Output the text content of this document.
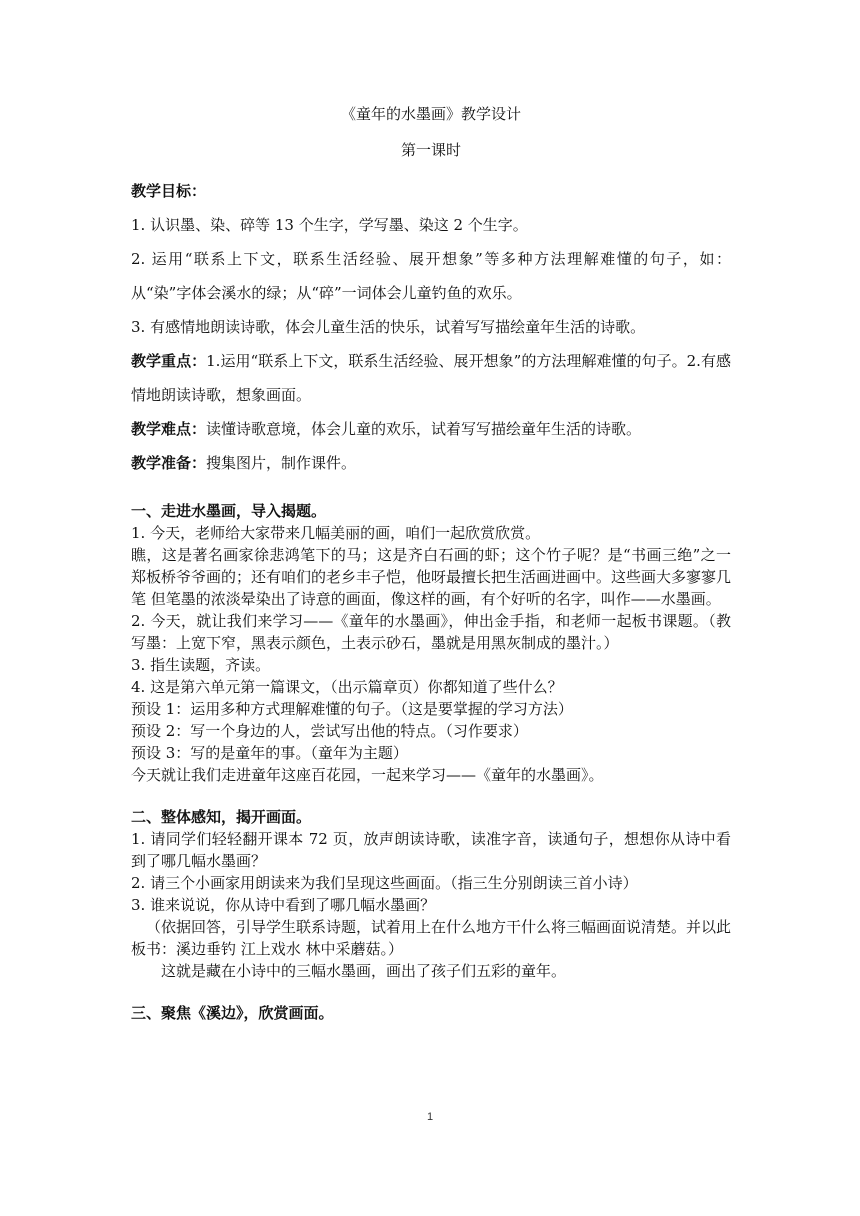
《童年的水墨画》教学设计
第一课时

教学目标：

1. 认识墨、染、碎等 13 个生字，学写墨、染这 2 个生字。

2. 运用“联系上下文，联系生活经验、展开想象”等多种方法理解难懂的句子，如：从“染”字体会溪水的绿；从“碎”一词体会儿童钓鱼的欢乐。

3. 有感情地朗读诗歌，体会儿童生活的快乐，试着写写描绘童年生活的诗歌。

教学重点：1.运用“联系上下文，联系生活经验、展开想象”的方法理解难懂的句子。2.有感情地朗读诗歌，想象画面。

教学难点：读懂诗歌意境，体会儿童的欢乐，试着写写描绘童年生活的诗歌。

教学准备：搜集图片，制作课件。

一、走进水墨画，导入揭题。

1. 今天，老师给大家带来几幅美丽的画，咱们一起欣赏欣赏。

瞧，这是著名画家徐悲鸿笔下的马；这是齐白石画的虾；这个竹子呢？是“书画三绝”之一郑板桥爷爷画的；还有咱们的老乡丰子恺，他呀最擅长把生活画进画中。这些画大多寥寥几笔 但笔墨的浓淡晕染出了诗意的画面，像这样的画，有个好听的名字，叫作——水墨画。

2. 今天，就让我们来学习——《童年的水墨画》，伸出金手指，和老师一起板书课题。（教写墨：上宽下窄，黑表示颜色，土表示砂石，墨就是用黑灰制成的墨汁。）

3. 指生读题，齐读。

4. 这是第六单元第一篇课文，（出示篇章页）你都知道了些什么？

预设 1：运用多种方式理解难懂的句子。（这是要掌握的学习方法）

预设 2：写一个身边的人，尝试写出他的特点。（习作要求）

预设 3：写的是童年的事。（童年为主题）

今天就让我们走进童年这座百花园，一起来学习——《童年的水墨画》。

二、整体感知，揭开画面。

1. 请同学们轻轻翻开课本 72 页，放声朗读诗歌，读准字音，读通句子，想想你从诗中看到了哪几幅水墨画？

2. 请三个小画家用朗读来为我们呈现这些画面。（指三生分别朗读三首小诗）

3. 谁来说说，你从诗中看到了哪几幅水墨画？

（依据回答，引导学生联系诗题，试着用上在什么地方干什么将三幅画面说清楚。并以此板书：溪边垂钓 江上戏水 林中采蘑菇。）

这就是藏在小诗中的三幅水墨画，画出了孩子们五彩的童年。

三、聚焦《溪边》，欣赏画面。

1
